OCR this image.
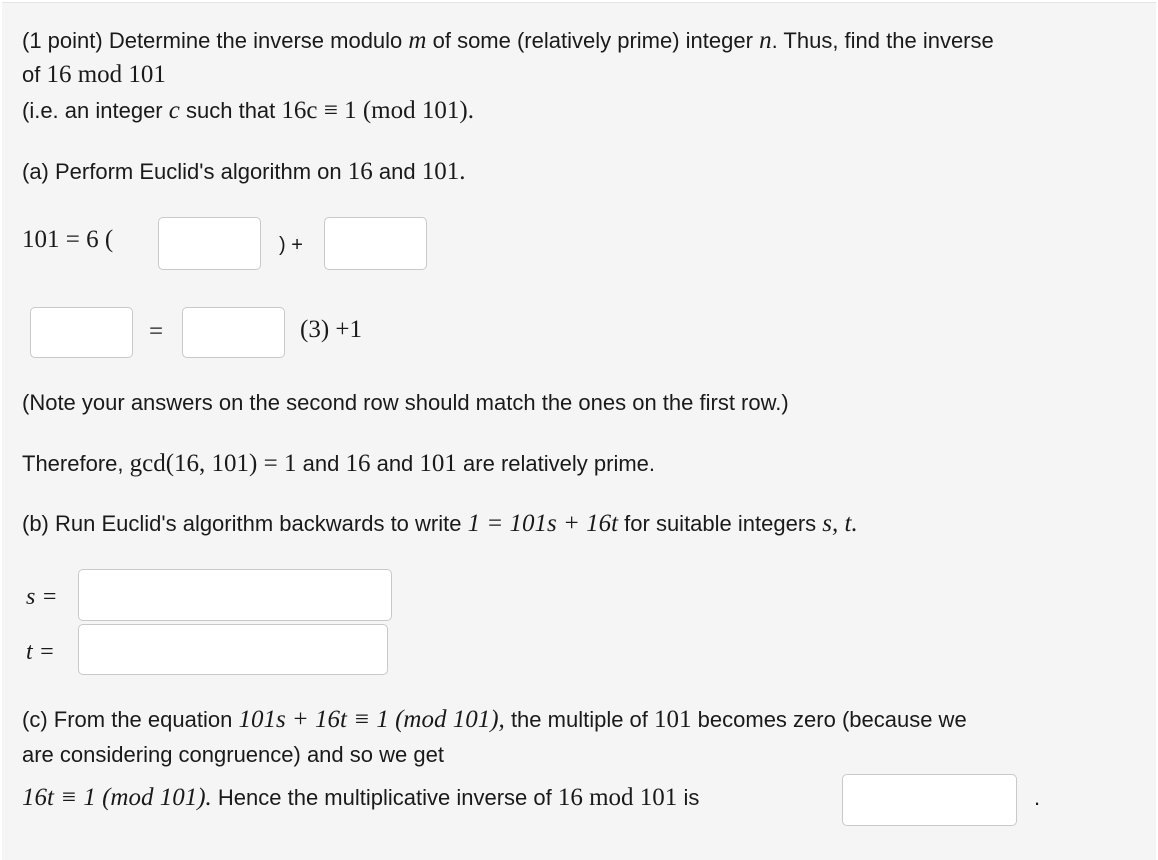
(1 point) Determine the inverse modulo m of some (relatively prime) integer n. Thus, find the inverse
of 16 mod 101
(i.e. an integer c such that 16c ≡ 1 (mod 101).
(a) Perform Euclid's algorithm on 16 and 101.
101 = 6 (	) +
=	(3) +1
(Note your answers on the second row should match the ones on the first row.)
Therefore, gcd(16, 101) = 1 and 16 and 101 are relatively prime.
(b) Run Euclid's algorithm backwards to write 1 = 101s + 16t for suitable integers s, t.
s =
t =
(c) From the equation 101s + 16t ≡ 1 (mod 101), the multiple of 101 becomes zero (because we
are considering congruence) and so we get
16t ≡ 1 (mod 101). Hence the multiplicative inverse of 16 mod 101 is	.
